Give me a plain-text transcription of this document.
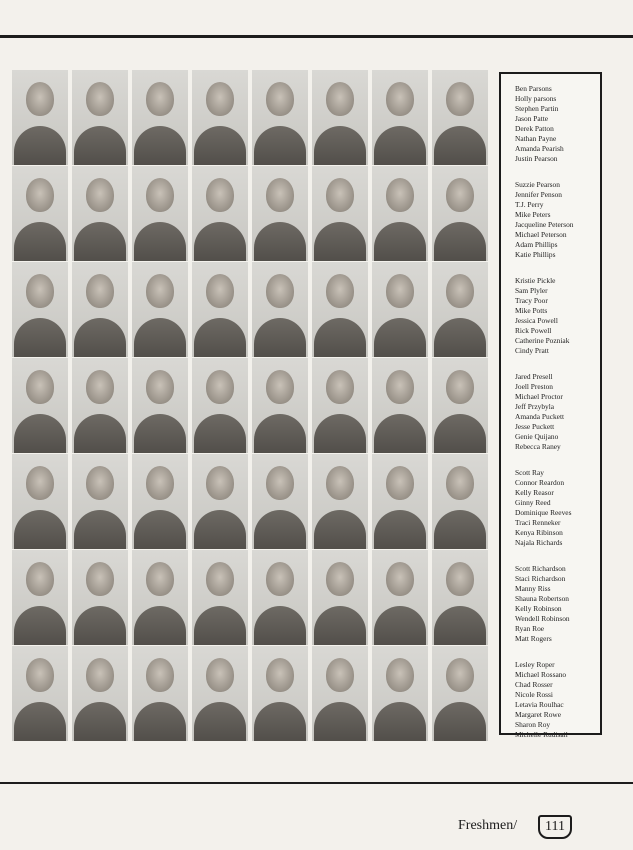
Ben Parsons
Holly parsons
Stephen Partin
Jason Patte
Derek Patton
Nathan Payne
Amanda Pearish
Justin Pearson
Suzzie Pearson
Jennifer Penson
T.J. Perry
Mike Peters
Jacqueline Peterson
Michael Peterson
Adam Phillips
Katie Phillips
Kristie Pickle
Sam Plyler
Tracy Poor
Mike Potts
Jessica Powell
Rick Powell
Catherine Pozniak
Cindy Pratt
Jared Presell
Joell Preston
Michael Proctor
Jeff Przybyla
Amanda Puckett
Jesse Puckett
Genie Quijano
Rebecca Raney
Scott Ray
Connor Reardon
Kelly Reasor
Ginny Reed
Dominique Reeves
Traci Renneker
Kenya Ribinson
Najala Richards
Scott Richardson
Staci Richardson
Manny Riss
Shauna Robertson
Kelly Robinson
Wendell Robinson
Ryan Roe
Matt Rogers
Lesley Roper
Michael Rossano
Chad Rosser
Nicole Rossi
Letavia Roulhac
Margaret Rowe
Sharon Roy
Michelle Rudisail
Freshmen/	111
